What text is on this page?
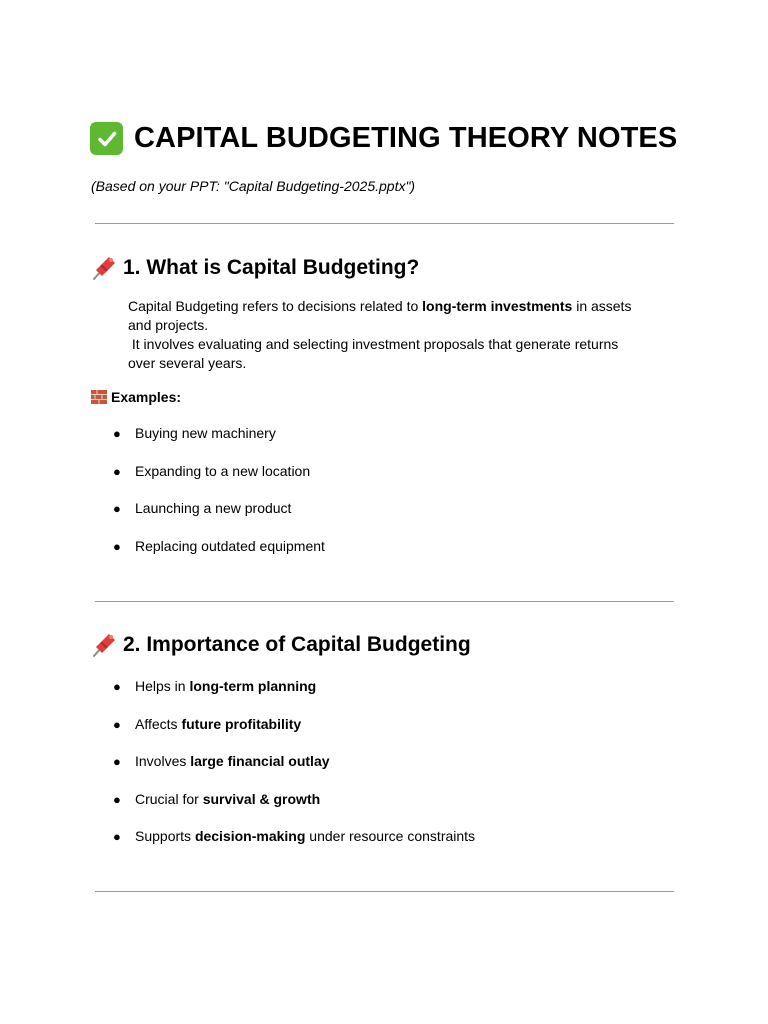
CAPITAL BUDGETING THEORY NOTES
(Based on your PPT: "Capital Budgeting-2025.pptx")
1. What is Capital Budgeting?

Capital Budgeting refers to decisions related to long-term investments in assets and projects.

It involves evaluating and selecting investment proposals that generate returns over several years.

Examples:
● Buying new machinery
● Expanding to a new location
● Launching a new product
● Replacing outdated equipment
2. Importance of Capital Budgeting
● Helps in long-term planning
● Affects future profitability
● Involves large financial outlay
● Crucial for survival & growth
● Supports decision-making under resource constraints
